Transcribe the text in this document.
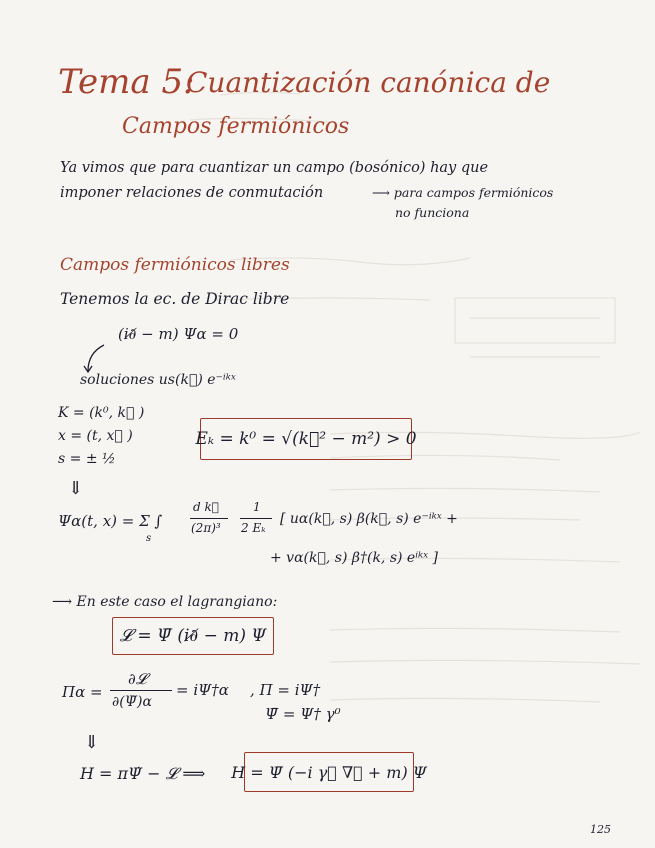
Tema 5:
Cuantización canónica de
Campos fermiónicos
Ya vimos que para cuantizar un campo (bosónico) hay que
imponer relaciones de conmutación	⟶ para campos fermiónicos
no funciona
Campos fermiónicos libres
Tenemos la ec. de Dirac libre
(i∂̸ − m) Ψα = 0
soluciones us(k⃗) e⁻ⁱᵏˣ
K = (k⁰, k⃗ )
x = (t, x⃗ )
s = ± ½
Eₖ = k⁰ = √(k⃗² − m²) > 0
⇓
Ψα(t, x) = Σ ∫
s
d k⃗
(2π)³
1
2 Eₖ
[ uα(k⃗, s) β(k⃗, s) e⁻ⁱᵏˣ +
+ vα(k⃗, s) β†(k, s) eⁱᵏˣ ]
⟶ En este caso el lagrangiano:
𝓛 = Ψ̄ (i∂̸ − m) Ψ
Πα =
∂𝓛
∂(Ψ̇)α
= iΨ†α , Π = iΨ†
Ψ̄ = Ψ† γ⁰
⇓
H = πΨ̇ − 𝓛 ⟹ H = Ψ̄ (−i γ⃗ ∇⃗ + m) Ψ
125
